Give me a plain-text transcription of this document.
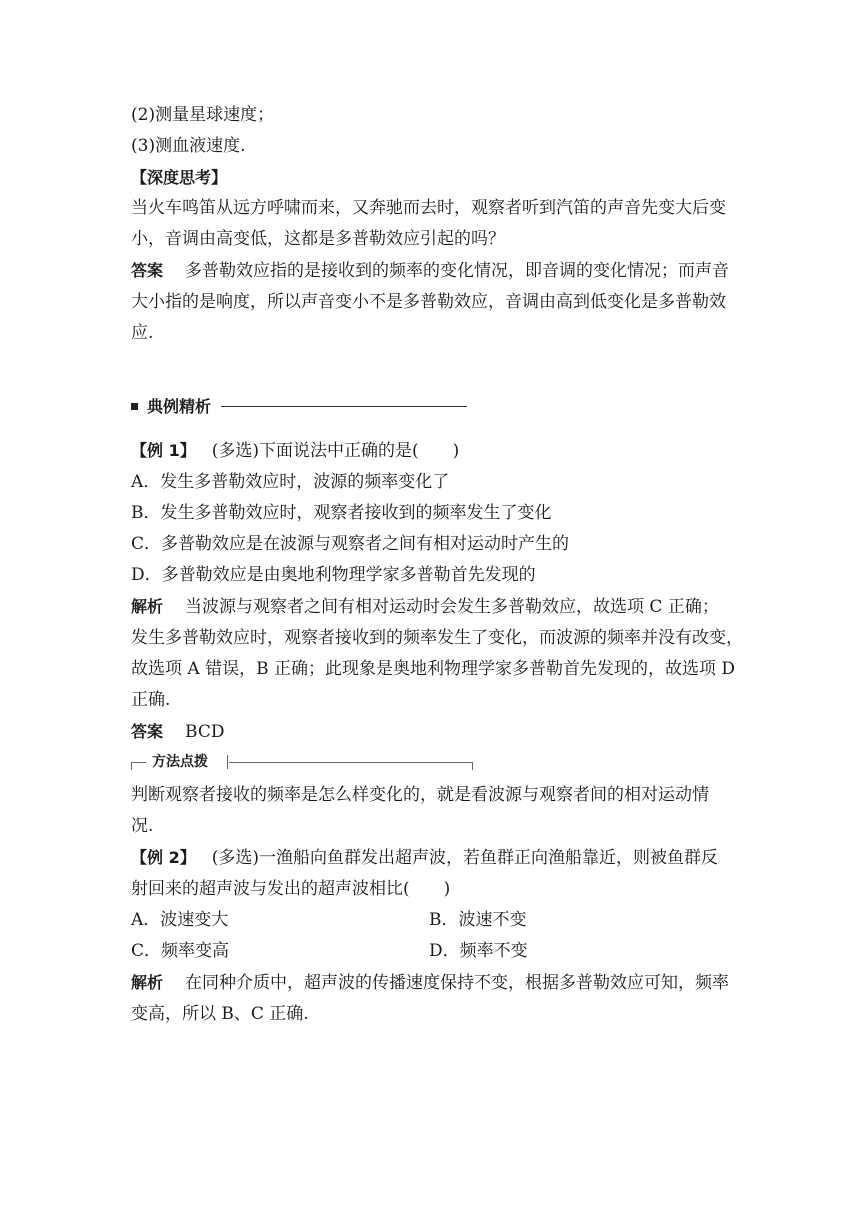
(2)测量星球速度；

(3)测血液速度.

【深度思考】

当火车鸣笛从远方呼啸而来，又奔驰而去时，观察者听到汽笛的声音先变大后变

小，音调由高变低，这都是多普勒效应引起的吗？

答案 多普勒效应指的是接收到的频率的变化情况，即音调的变化情况；而声音

大小指的是响度，所以声音变小不是多普勒效应，音调由高到低变化是多普勒效

应.

典例精析

【例 1】 (多选)下面说法中正确的是(　　)

A．发生多普勒效应时，波源的频率变化了

B．发生多普勒效应时，观察者接收到的频率发生了变化

C．多普勒效应是在波源与观察者之间有相对运动时产生的

D．多普勒效应是由奥地利物理学家多普勒首先发现的

解析 当波源与观察者之间有相对运动时会发生多普勒效应，故选项 C 正确；

发生多普勒效应时，观察者接收到的频率发生了变化，而波源的频率并没有改变，

故选项 A 错误，B 正确；此现象是奥地利物理学家多普勒首先发现的，故选项 D

正确.

答案 BCD

方法点拨

判断观察者接收的频率是怎么样变化的，就是看波源与观察者间的相对运动情

况.

【例 2】 (多选)一渔船向鱼群发出超声波，若鱼群正向渔船靠近，则被鱼群反

射回来的超声波与发出的超声波相比(　　)

A．波速变大	B．波速不变
C．频率变高	D．频率不变

解析 在同种介质中，超声波的传播速度保持不变，根据多普勒效应可知，频率

变高，所以 B、C 正确.
